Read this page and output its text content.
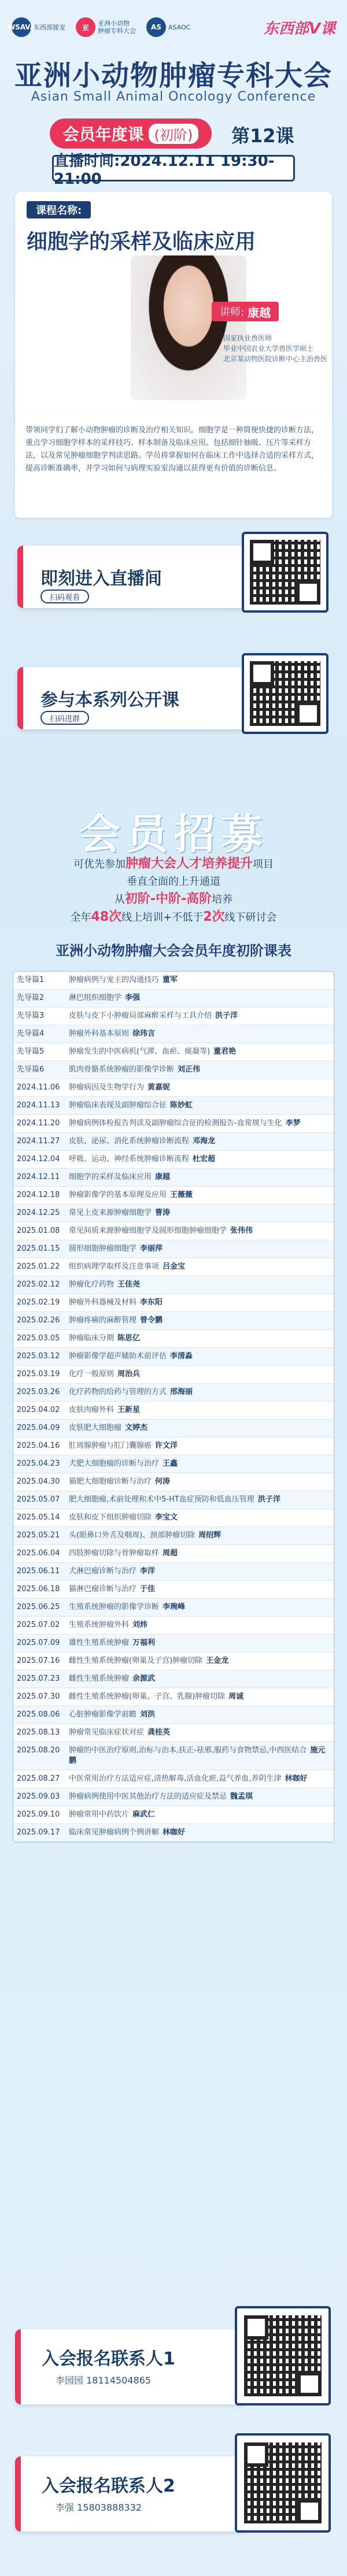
WSAVA
东西部援宠	亚	亚洲小动物
肿瘤专科大会	AS	ASAOC	东西部V课
亚洲小动物肿瘤专科大会
Asian Small Animal Oncology Conference
会员年度课 (初阶)	第12课
直播时间:2024.12.11 19:30-21:00
课程名称:
细胞学的采样及临床应用
讲师: 康越
国家执业兽医师
毕业中国农业大学兽医学硕士
北京某动物医院诊断中心主治兽医
带领同学们了解小动物肿瘤的诊断及治疗相关知识。细胞学是一种简便快捷的诊断方法，重点学习细胞学样本的采样技巧、样本制备及临床应用。包括细针抽吸、压片等采样方法，以及常见肿瘤细胞学判读思路。学员将掌握如何在临床工作中选择合适的采样方式，提高诊断准确率，并学习如何与病理实验室沟通以获得更有价值的诊断信息。
即刻进入直播间
扫码观看
参与本系列公开课
扫码进群
会员招募
可优先参加肿瘤大会人才培养提升项目
垂直全面的上升通道
从初阶-中阶-高阶培养
全年48次线上培训+不低于2次线下研讨会
亚洲小动物肿瘤大会会员年度初阶课表
先导篇1	肿瘤病例与宠主的沟通技巧 董军
先导篇2	淋巴组织细胞学 李强
先导篇3	皮肤与皮下小肿瘤局部麻醉采样与工具介绍 洪子洋
先导篇4	肿瘤外科基本原则 徐玮言
先导篇5	肿瘤发生的中医病机(气滞、血瘀、痰凝等) 董君艳
先导篇6	肌肉骨骼系统肿瘤的影像学诊断 刘正伟
2024.11.06	肿瘤病因及生物学行为 黄嘉妮
2024.11.13	肿瘤临床表现及副肿瘤综合征 陈妙虹
2024.11.20	肿瘤病例体检报告判读及副肿瘤综合征的检测报告-血常规与生化 李梦
2024.11.27	皮肤、泌尿、消化系统肿瘤诊断流程 邓海龙
2024.12.04	呼吸、运动、神经系统肿瘤诊断流程 杜宏超
2024.12.11	细胞学的采样及临床应用 康越
2024.12.18	肿瘤影像学的基本原理及应用 王薇薇
2024.12.25	常见上皮来源肿瘤细胞学 曹涛
2025.01.08	常见间质来源肿瘤细胞学及圆形细胞肿瘤细胞学 张伟伟
2025.01.15	圆形细胞肿瘤细胞学 李丽萍
2025.01.22	组织病理学取样及注意事项 吕金宝
2025.02.12	肿瘤化疗药物 王佳尧
2025.02.19	肿瘤外科器械及材料 李东阳
2025.02.26	肿瘤疼痛的麻醉管理 曾令鹏
2025.03.05	肿瘤临床分期 陈思亿
2025.03.12	肿瘤影像学超声辅助术前评估 李清淼
2025.03.19	化疗一般原则 周治兵
2025.03.26	化疗药物的给药与管理的方式 邢海丽
2025.04.02	皮肤肉瘤外科 王新星
2025.04.09	皮肤肥大细胞瘤 文婷杰
2025.04.16	肛周腺肿瘤与肛门囊腺癌 许文洋
2025.04.23	犬肥大细胞瘤的诊断与治疗 王鑫
2025.04.30	猫肥大细胞瘤诊断与治疗 何涛
2025.05.07	肥大细胞瘤,术前处理和术中5-HT血症预防和低血压管理 洪子洋
2025.05.14	皮肤和皮下组织肿瘤切除 李宝文
2025.05.21	头(眼鼻口外舌及咽周)、颈部肿瘤切除 周绍辉
2025.06.04	四肢肿瘤切除与骨肿瘤取样 周超
2025.06.11	犬淋巴瘤诊断与治疗 李洋
2025.06.18	猫淋巴瘤诊断与治疗 于佳
2025.06.25	生殖系统肿瘤的影像学诊断 李琬峰
2025.07.02	生殖系统肿瘤外科 刘炜
2025.07.09	雄性生殖系统肿瘤 万福利
2025.07.16	雌性生殖系统肿瘤(卵巢及子宫)肿瘤切除 王金龙
2025.07.23	雌性生殖系统肿瘤 余源武
2025.07.30	雌性生殖系统肿瘤(卵巢、子宫、乳腺)肿瘤切除 周诚
2025.08.06	心脏肿瘤影像学前瞻 刘洪
2025.08.13	肿瘤常见临床症状对症 龚桂英
2025.08.20	肿瘤的中医治疗原则,治标与治本,扶正-祛邪,服药与食物禁忌,中西医结合 施元鹏
2025.08.27	中医常用治疗方法适应症,清热解毒,活血化瘀,益气养血,养阴生津 林咖好
2025.09.03	肿瘤病例使用中医其他治疗方法的适应症及禁忌 魏孟琪
2025.09.10	肿瘤常用中药饮片 麻武仁
2025.09.17	临床常见肿瘤病例个例讲解 林咖好
入会报名联系人1
李园园 18114504865
入会报名联系人2
李强 15803888332
